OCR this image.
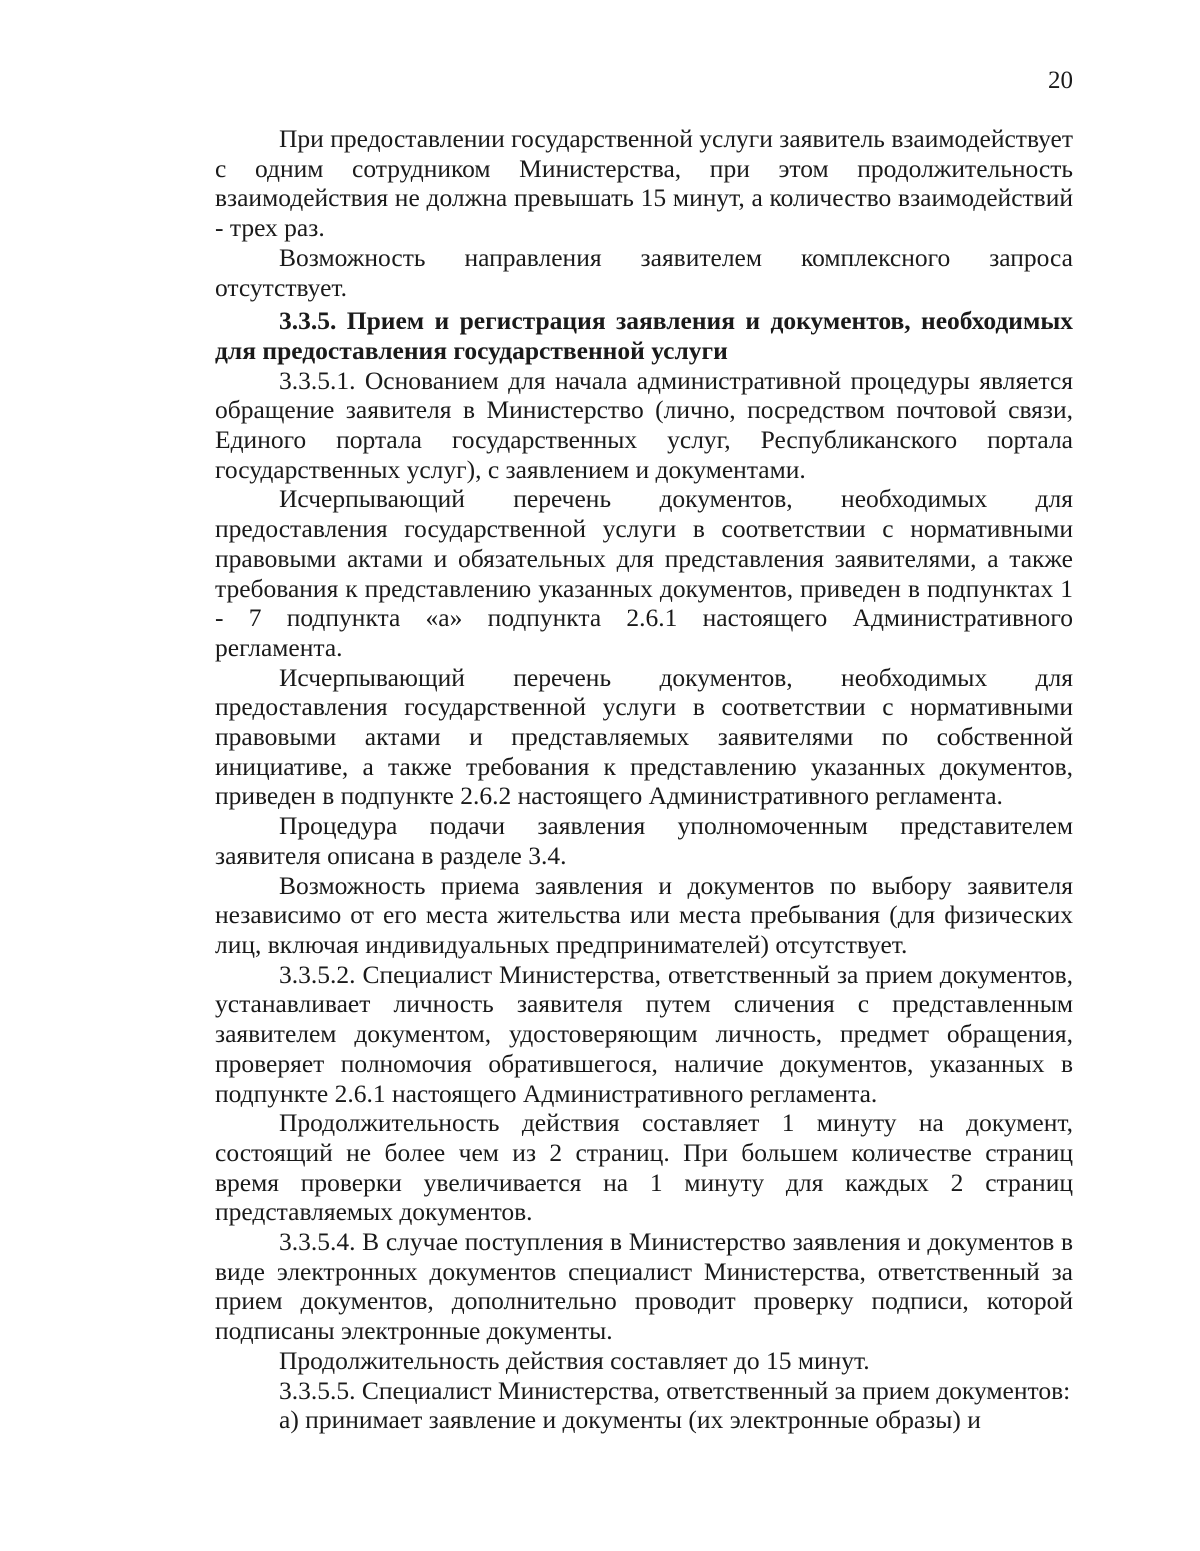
20

При предоставлении государственной услуги заявитель взаимодействует с одним сотрудником Министерства, при этом продолжительность взаимодействия не должна превышать 15 минут, а количество взаимодействий - трех раз.

Возможность направления заявителем комплексного запроса отсутствует.

3.3.5. Прием и регистрация заявления и документов, необходимых для предоставления государственной услуги

3.3.5.1. Основанием для начала административной процедуры является обращение заявителя в Министерство (лично, посредством почтовой связи, Единого портала государственных услуг, Республиканского портала государственных услуг), с заявлением и документами.

Исчерпывающий перечень документов, необходимых для предоставления государственной услуги в соответствии с нормативными правовыми актами и обязательных для представления заявителями, а также требования к представлению указанных документов, приведен в подпунктах 1 - 7 подпункта «а» подпункта 2.6.1 настоящего Административного регламента.

Исчерпывающий перечень документов, необходимых для предоставления государственной услуги в соответствии с нормативными правовыми актами и представляемых заявителями по собственной инициативе, а также требования к представлению указанных документов, приведен в подпункте 2.6.2 настоящего Административного регламента.

Процедура подачи заявления уполномоченным представителем заявителя описана в разделе 3.4.

Возможность приема заявления и документов по выбору заявителя независимо от его места жительства или места пребывания (для физических лиц, включая индивидуальных предпринимателей) отсутствует.

3.3.5.2. Специалист Министерства, ответственный за прием документов, устанавливает личность заявителя путем сличения с представленным заявителем документом, удостоверяющим личность, предмет обращения, проверяет полномочия обратившегося, наличие документов, указанных в подпункте 2.6.1 настоящего Административного регламента.

Продолжительность действия составляет 1 минуту на документ, состоящий не более чем из 2 страниц. При большем количестве страниц время проверки увеличивается на 1 минуту для каждых 2 страниц представляемых документов.

3.3.5.4. В случае поступления в Министерство заявления и документов в виде электронных документов специалист Министерства, ответственный за прием документов, дополнительно проводит проверку подписи, которой подписаны электронные документы.

Продолжительность действия составляет до 15 минут.

3.3.5.5. Специалист Министерства, ответственный за прием документов:

а) принимает заявление и документы (их электронные образы) и
